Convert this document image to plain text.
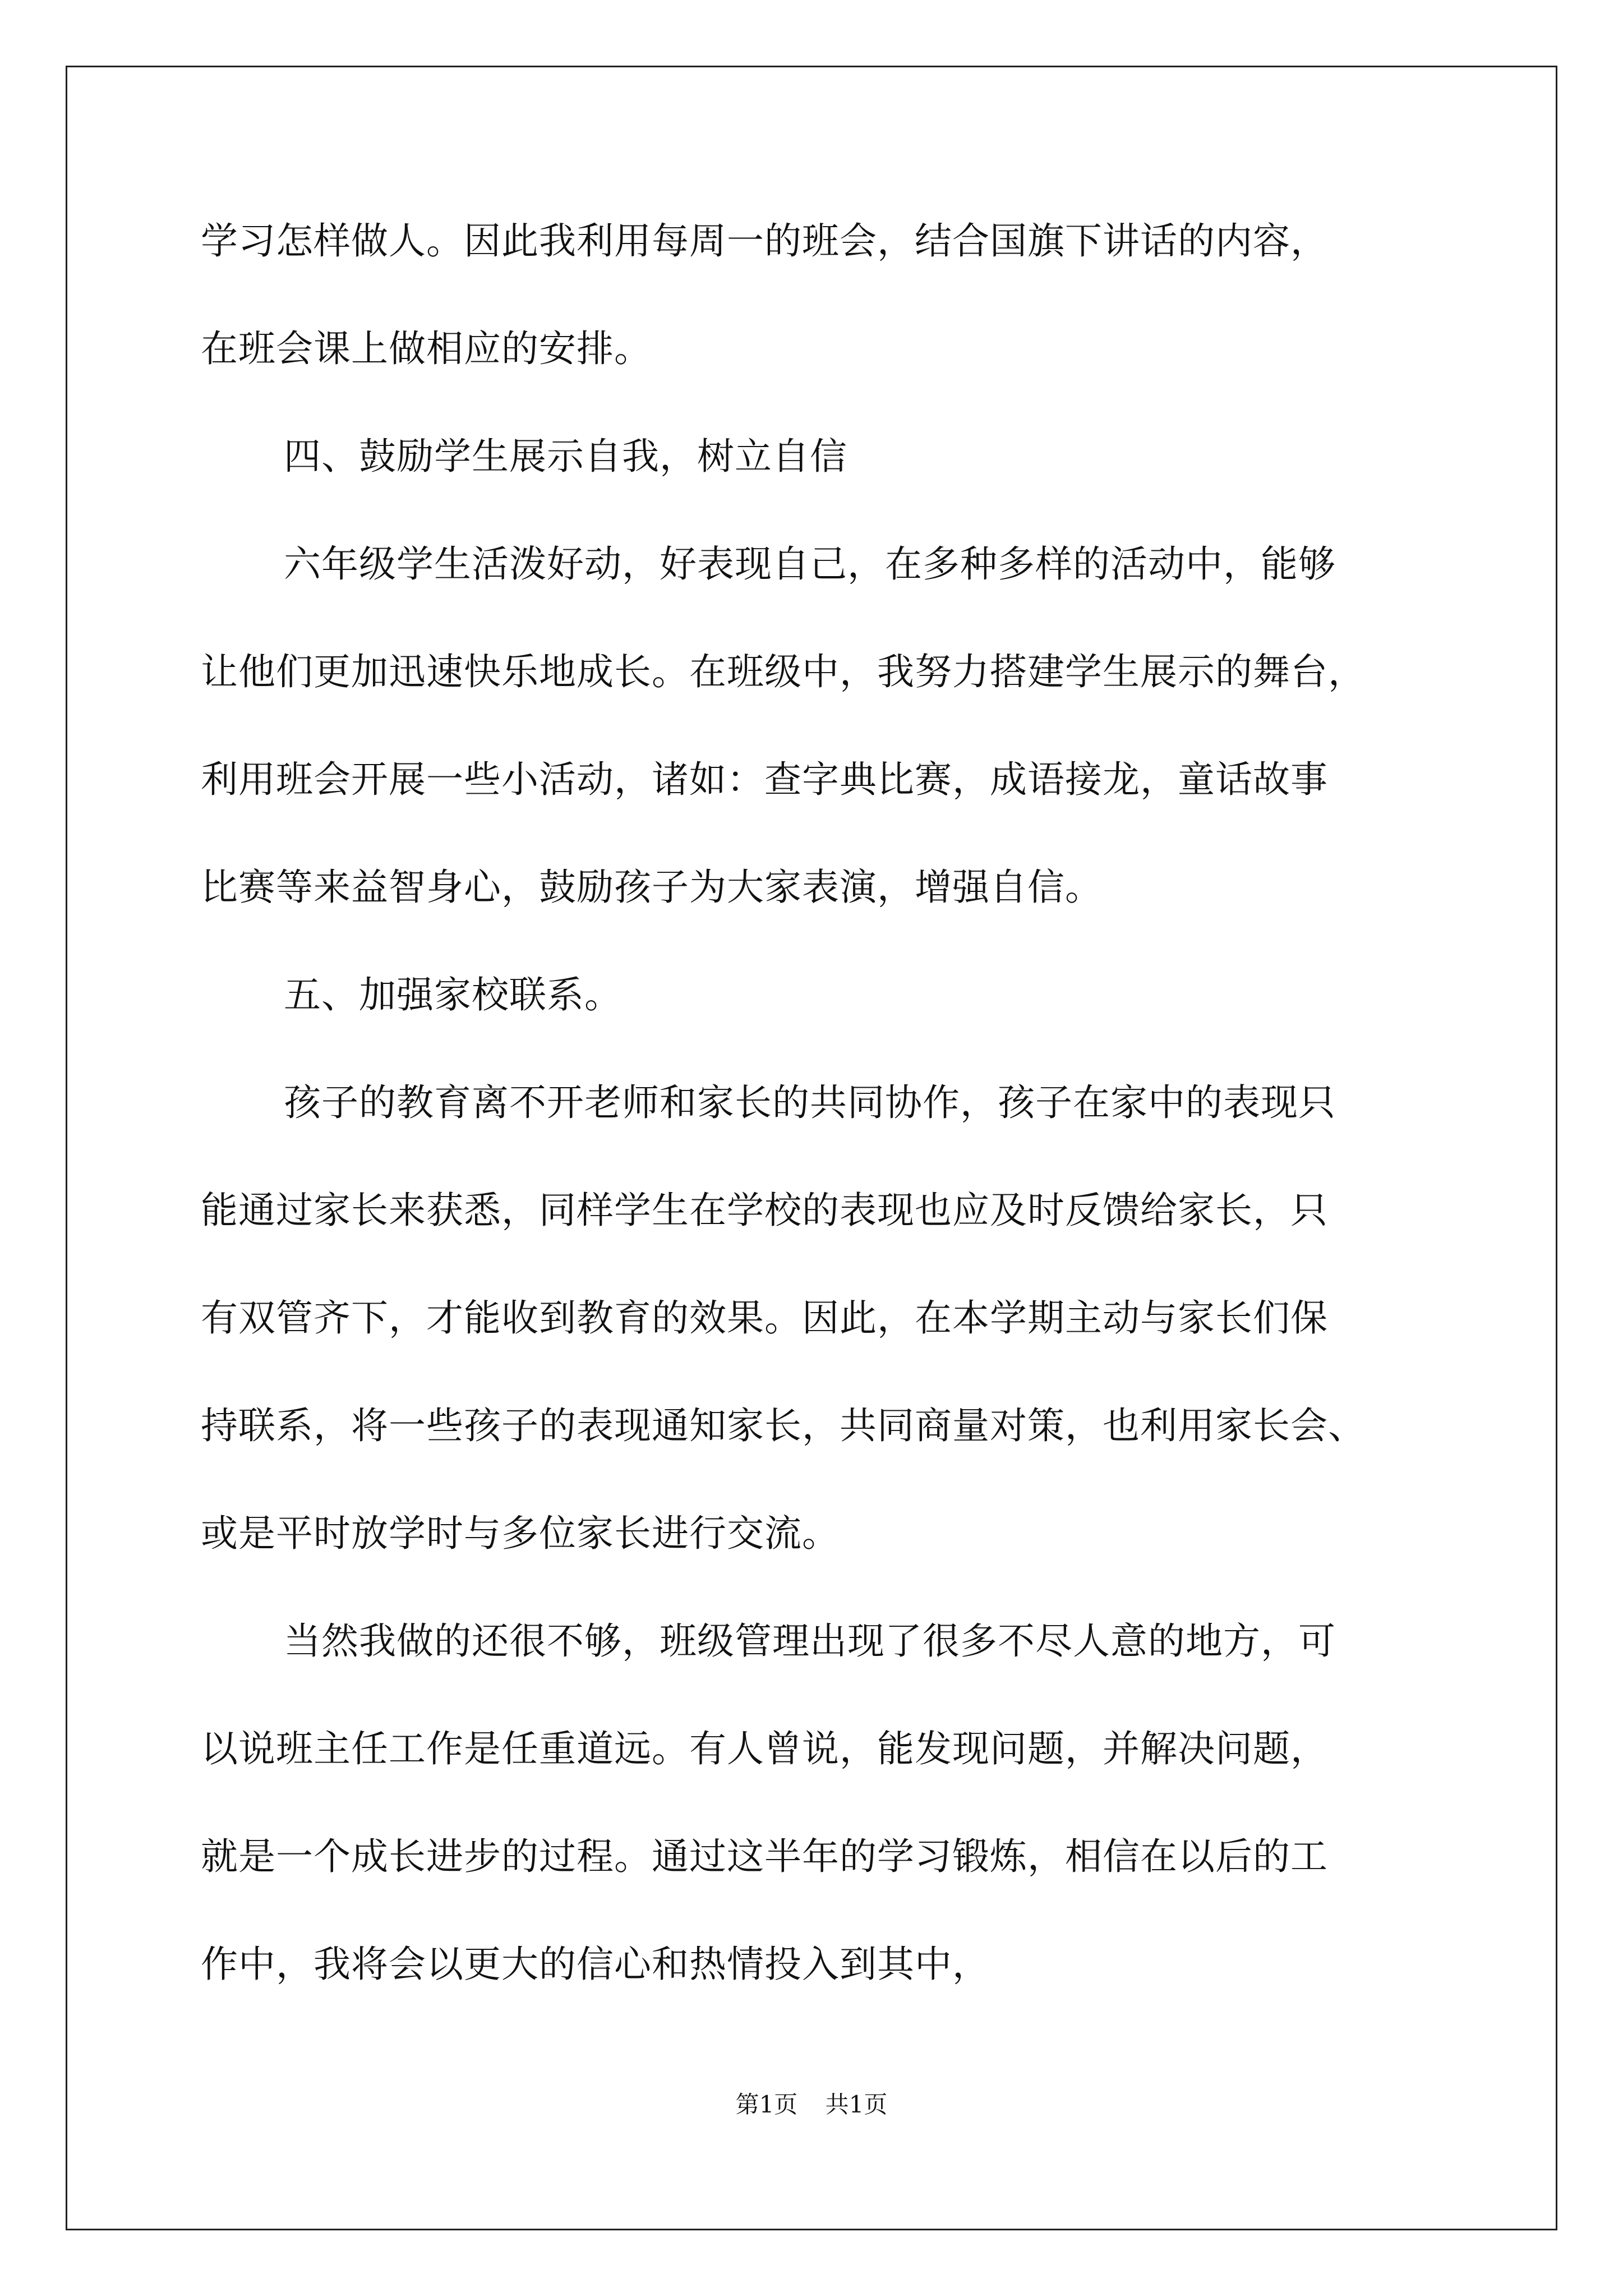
学习怎样做人。因此我利用每周一的班会，结合国旗下讲话的内容，
在班会课上做相应的安排。
四、鼓励学生展示自我，树立自信
六年级学生活泼好动，好表现自己，在多种多样的活动中，能够
让他们更加迅速快乐地成长。在班级中，我努力搭建学生展示的舞台，
利用班会开展一些小活动，诸如：查字典比赛，成语接龙，童话故事
比赛等来益智身心，鼓励孩子为大家表演，增强自信。
五、加强家校联系。
孩子的教育离不开老师和家长的共同协作，孩子在家中的表现只
能通过家长来获悉，同样学生在学校的表现也应及时反馈给家长，只
有双管齐下，才能收到教育的效果。因此，在本学期主动与家长们保
持联系，将一些孩子的表现通知家长，共同商量对策，也利用家长会、
或是平时放学时与多位家长进行交流。
当然我做的还很不够，班级管理出现了很多不尽人意的地方，可
以说班主任工作是任重道远。有人曾说，能发现问题，并解决问题，
就是一个成长进步的过程。通过这半年的学习锻炼，相信在以后的工
作中，我将会以更大的信心和热情投入到其中，
第1页 共1页
